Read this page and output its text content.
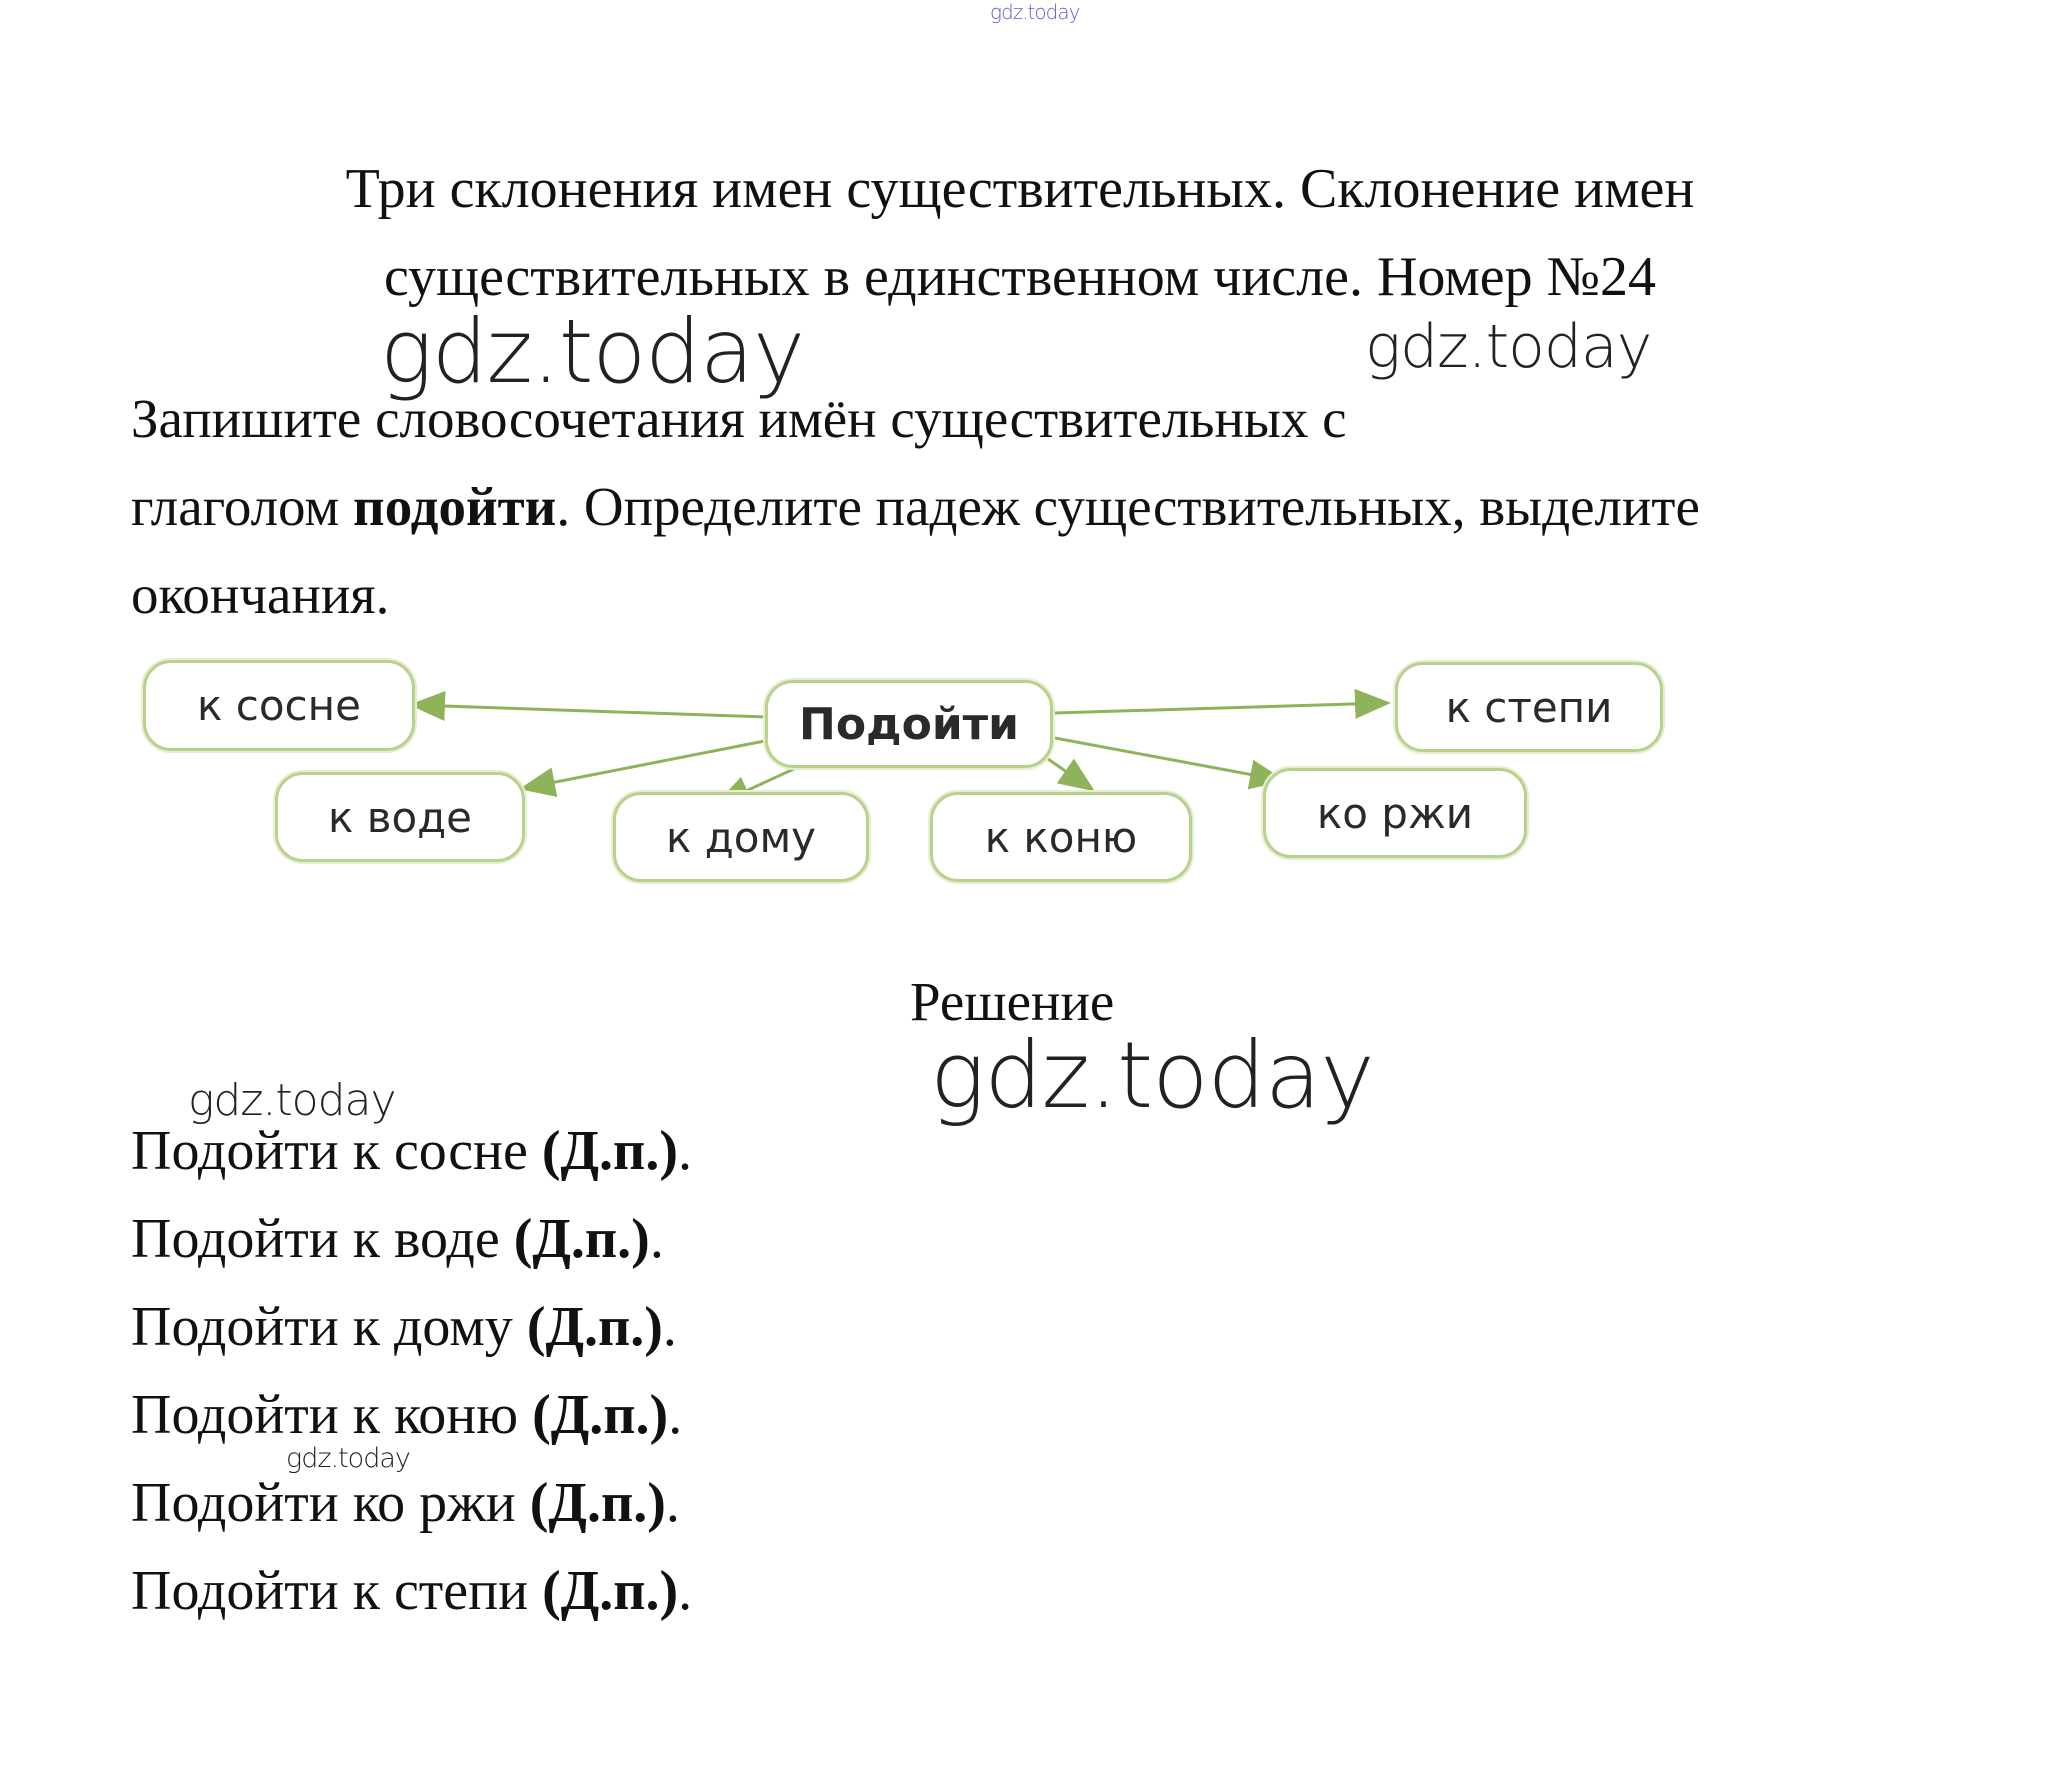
gdz.today
Три склонения имен существительных. Склонение имен
существительных в единственном числе. Номер №24
Запишите словосочетания имён существительных с
глаголом подойти. Определите падеж существительных, выделите
окончания.
к сосне	Подойти	к степи
к воде	к дому	к коню	ко ржи
Решение
Подойти к сосне (Д.п.).
Подойти к воде (Д.п.).
Подойти к дому (Д.п.).
Подойти к коню (Д.п.).
Подойти ко ржи (Д.п.).
Подойти к степи (Д.п.).
gdz.today	gdz.today
gdz.today
gdz.today
gdz.today
